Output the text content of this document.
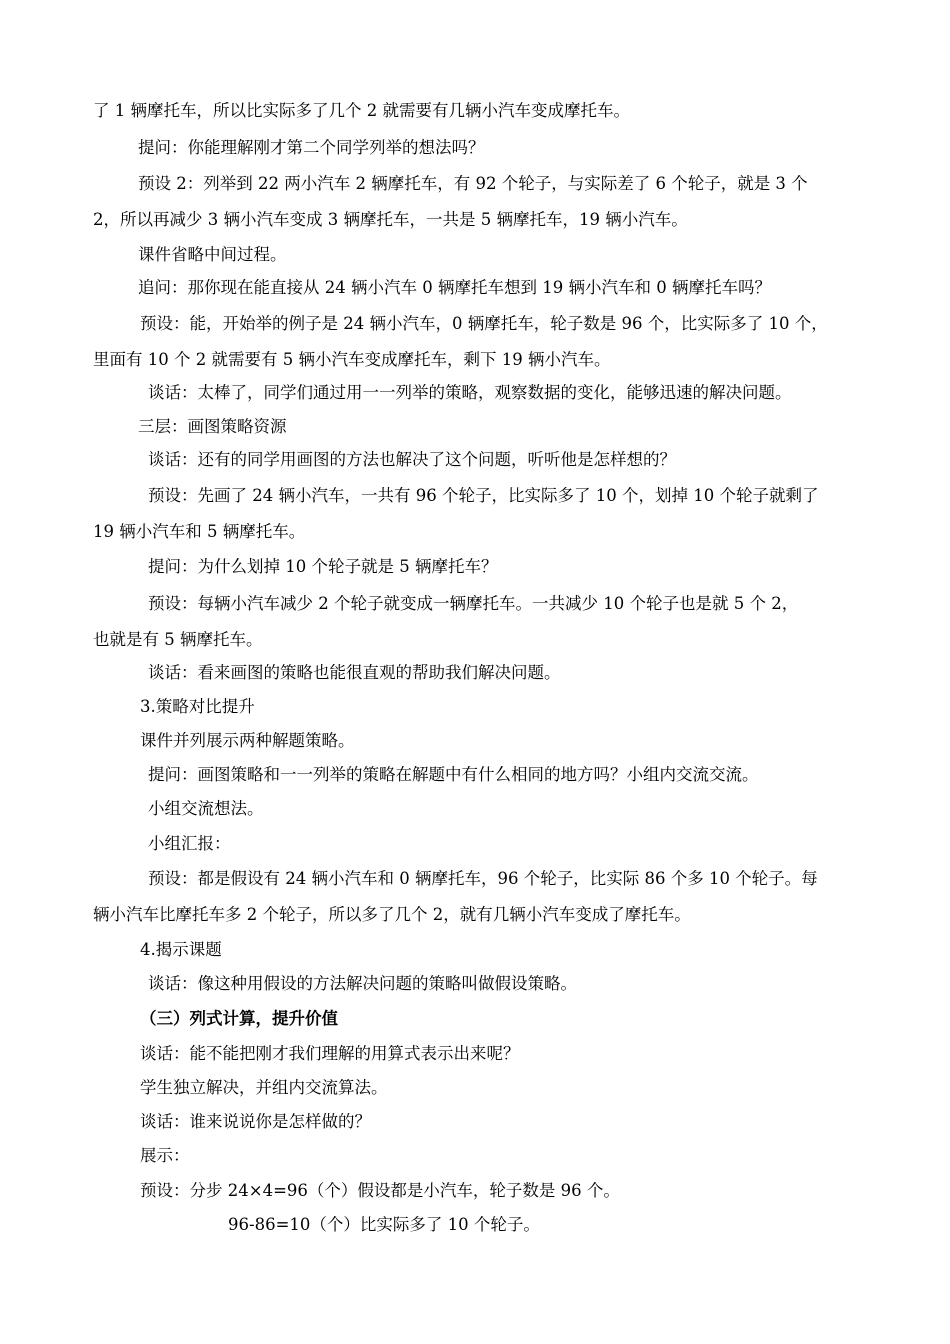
了 1 辆摩托车，所以比实际多了几个 2 就需要有几辆小汽车变成摩托车。
提问：你能理解刚才第二个同学列举的想法吗？
预设 2：列举到 22 两小汽车 2 辆摩托车，有 92 个轮子，与实际差了 6 个轮子，就是 3 个
2，所以再减少 3 辆小汽车变成 3 辆摩托车，一共是 5 辆摩托车，19 辆小汽车。
课件省略中间过程。
追问：那你现在能直接从 24 辆小汽车 0 辆摩托车想到 19 辆小汽车和 0 辆摩托车吗？
预设：能，开始举的例子是 24 辆小汽车，0 辆摩托车，轮子数是 96 个，比实际多了 10 个，
里面有 10 个 2 就需要有 5 辆小汽车变成摩托车，剩下 19 辆小汽车。
谈话：太棒了，同学们通过用一一列举的策略，观察数据的变化，能够迅速的解决问题。
三层：画图策略资源
谈话：还有的同学用画图的方法也解决了这个问题，听听他是怎样想的？
预设：先画了 24 辆小汽车，一共有 96 个轮子，比实际多了 10 个，划掉 10 个轮子就剩了
19 辆小汽车和 5 辆摩托车。
提问：为什么划掉 10 个轮子就是 5 辆摩托车？
预设：每辆小汽车减少 2 个轮子就变成一辆摩托车。一共减少 10 个轮子也是就 5 个 2，
也就是有 5 辆摩托车。
谈话：看来画图的策略也能很直观的帮助我们解决问题。
3.策略对比提升
课件并列展示两种解题策略。
提问：画图策略和一一列举的策略在解题中有什么相同的地方吗？小组内交流交流。
小组交流想法。
小组汇报：
预设：都是假设有 24 辆小汽车和 0 辆摩托车，96 个轮子，比实际 86 个多 10 个轮子。每
辆小汽车比摩托车多 2 个轮子，所以多了几个 2，就有几辆小汽车变成了摩托车。
4.揭示课题
谈话：像这种用假设的方法解决问题的策略叫做假设策略。
（三）列式计算，提升价值
谈话：能不能把刚才我们理解的用算式表示出来呢？
学生独立解决，并组内交流算法。
谈话：谁来说说你是怎样做的？
展示：
预设：分步 24×4=96（个）假设都是小汽车，轮子数是 96 个。
96-86=10（个）比实际多了 10 个轮子。
